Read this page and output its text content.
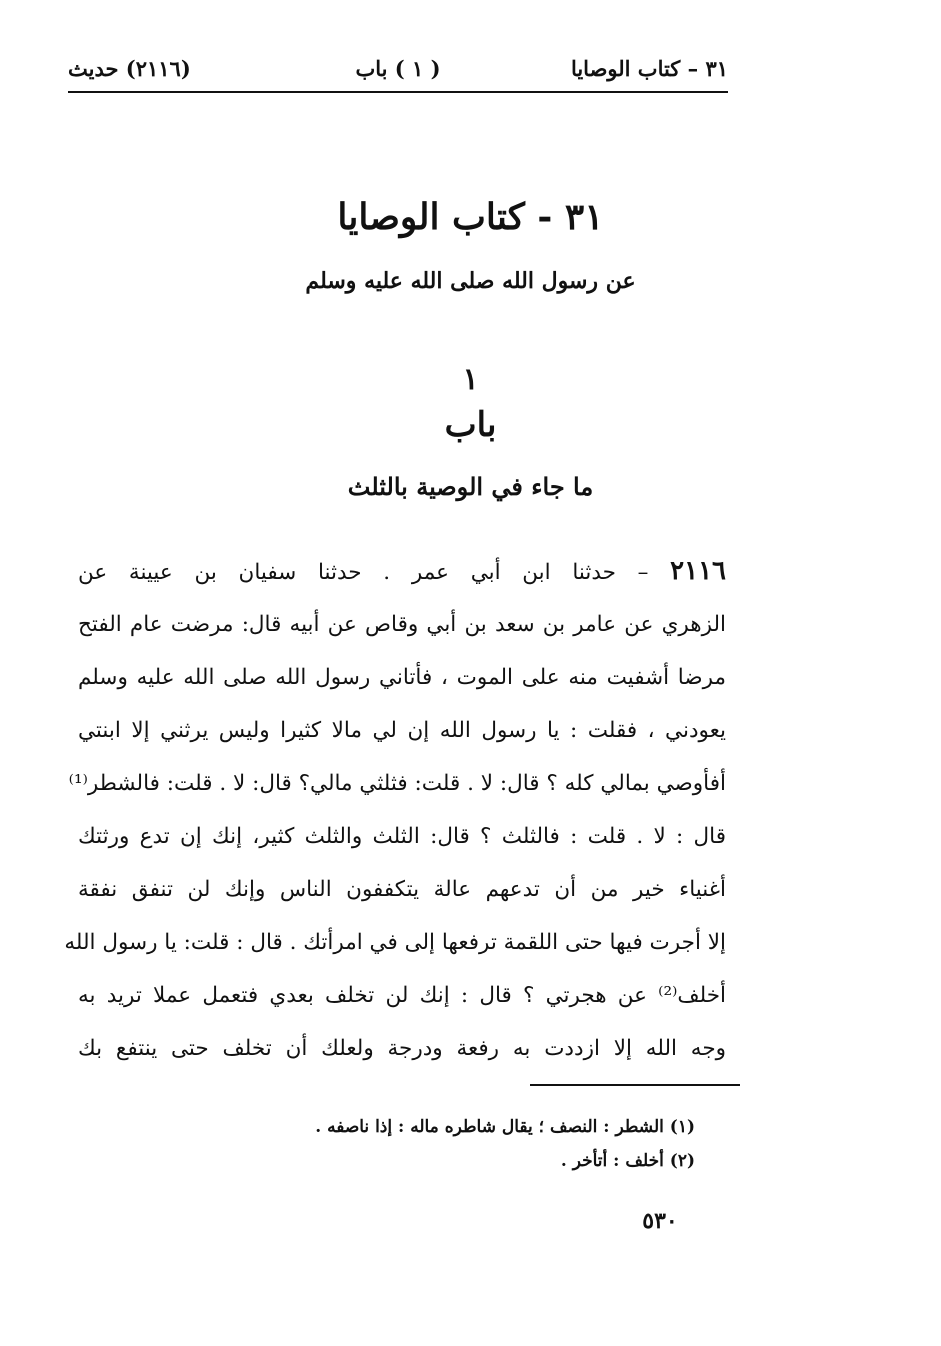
٣١ – كتاب الوصايا
( ١ ) باب
(٢١١٦) حديث
٣١ - كتاب الوصايا
عن رسول الله صلى الله عليه وسلم
١
باب
ما جاء في الوصية بالثلث
٢١١٦ – حدثنا ابن أبي عمر . حدثنا سفيان بن عيينة عن
الزهري عن عامر بن سعد بن أبي وقاص عن أبيه قال: مرضت عام الفتح
مرضا أشفيت منه على الموت ، فأتاني رسول الله صلى الله عليه وسلم
يعودني ، فقلت : يا رسول الله إن لي مالا كثيرا وليس يرثني إلا ابنتي
أفأوصي بمالي كله ؟ قال: لا . قلت: فثلثي مالي؟ قال: لا . قلت: فالشطر⁽¹⁾
قال : لا . قلت : فالثلث ؟ قال: الثلث والثلث كثير، إنك إن تدع ورثتك
أغنياء خير من أن تدعهم عالة يتكففون الناس وإنك لن تنفق نفقة
إلا أجرت فيها حتى اللقمة ترفعها إلى في امرأتك . قال : قلت: يا رسول الله
أخلف⁽²⁾ عن هجرتي ؟ قال : إنك لن تخلف بعدي فتعمل عملا تريد به
وجه الله إلا ازددت به رفعة ودرجة ولعلك أن تخلف حتى ينتفع بك
(١) الشطر : النصف ؛ يقال شاطره ماله : إذا ناصفه .
(٢) أخلف : أتأخر .
٥٣٠
